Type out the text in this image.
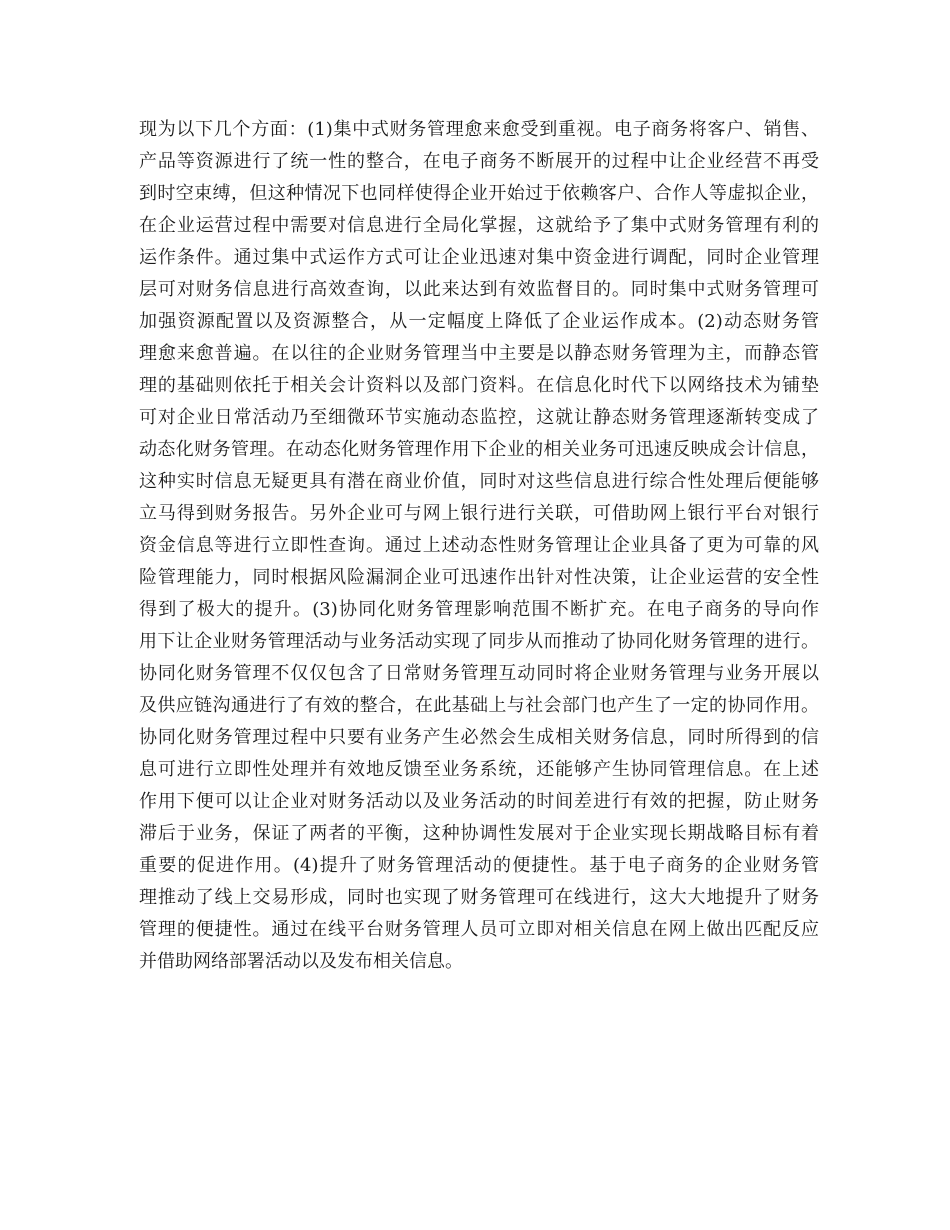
现为以下几个方面：(1)集中式财务管理愈来愈受到重视。电子商务将客户、销售、
产品等资源进行了统一性的整合，在电子商务不断展开的过程中让企业经营不再受
到时空束缚，但这种情况下也同样使得企业开始过于依赖客户、合作人等虚拟企业，
在企业运营过程中需要对信息进行全局化掌握，这就给予了集中式财务管理有利的
运作条件。通过集中式运作方式可让企业迅速对集中资金进行调配，同时企业管理
层可对财务信息进行高效查询，以此来达到有效监督目的。同时集中式财务管理可
加强资源配置以及资源整合，从一定幅度上降低了企业运作成本。(2)动态财务管
理愈来愈普遍。在以往的企业财务管理当中主要是以静态财务管理为主，而静态管
理的基础则依托于相关会计资料以及部门资料。在信息化时代下以网络技术为铺垫
可对企业日常活动乃至细微环节实施动态监控，这就让静态财务管理逐渐转变成了
动态化财务管理。在动态化财务管理作用下企业的相关业务可迅速反映成会计信息，
这种实时信息无疑更具有潜在商业价值，同时对这些信息进行综合性处理后便能够
立马得到财务报告。另外企业可与网上银行进行关联，可借助网上银行平台对银行
资金信息等进行立即性查询。通过上述动态性财务管理让企业具备了更为可靠的风
险管理能力，同时根据风险漏洞企业可迅速作出针对性决策，让企业运营的安全性
得到了极大的提升。(3)协同化财务管理影响范围不断扩充。在电子商务的导向作
用下让企业财务管理活动与业务活动实现了同步从而推动了协同化财务管理的进行。
协同化财务管理不仅仅包含了日常财务管理互动同时将企业财务管理与业务开展以
及供应链沟通进行了有效的整合，在此基础上与社会部门也产生了一定的协同作用。
协同化财务管理过程中只要有业务产生必然会生成相关财务信息，同时所得到的信
息可进行立即性处理并有效地反馈至业务系统，还能够产生协同管理信息。在上述
作用下便可以让企业对财务活动以及业务活动的时间差进行有效的把握，防止财务
滞后于业务，保证了两者的平衡，这种协调性发展对于企业实现长期战略目标有着
重要的促进作用。(4)提升了财务管理活动的便捷性。基于电子商务的企业财务管
理推动了线上交易形成，同时也实现了财务管理可在线进行，这大大地提升了财务
管理的便捷性。通过在线平台财务管理人员可立即对相关信息在网上做出匹配反应
并借助网络部署活动以及发布相关信息。
